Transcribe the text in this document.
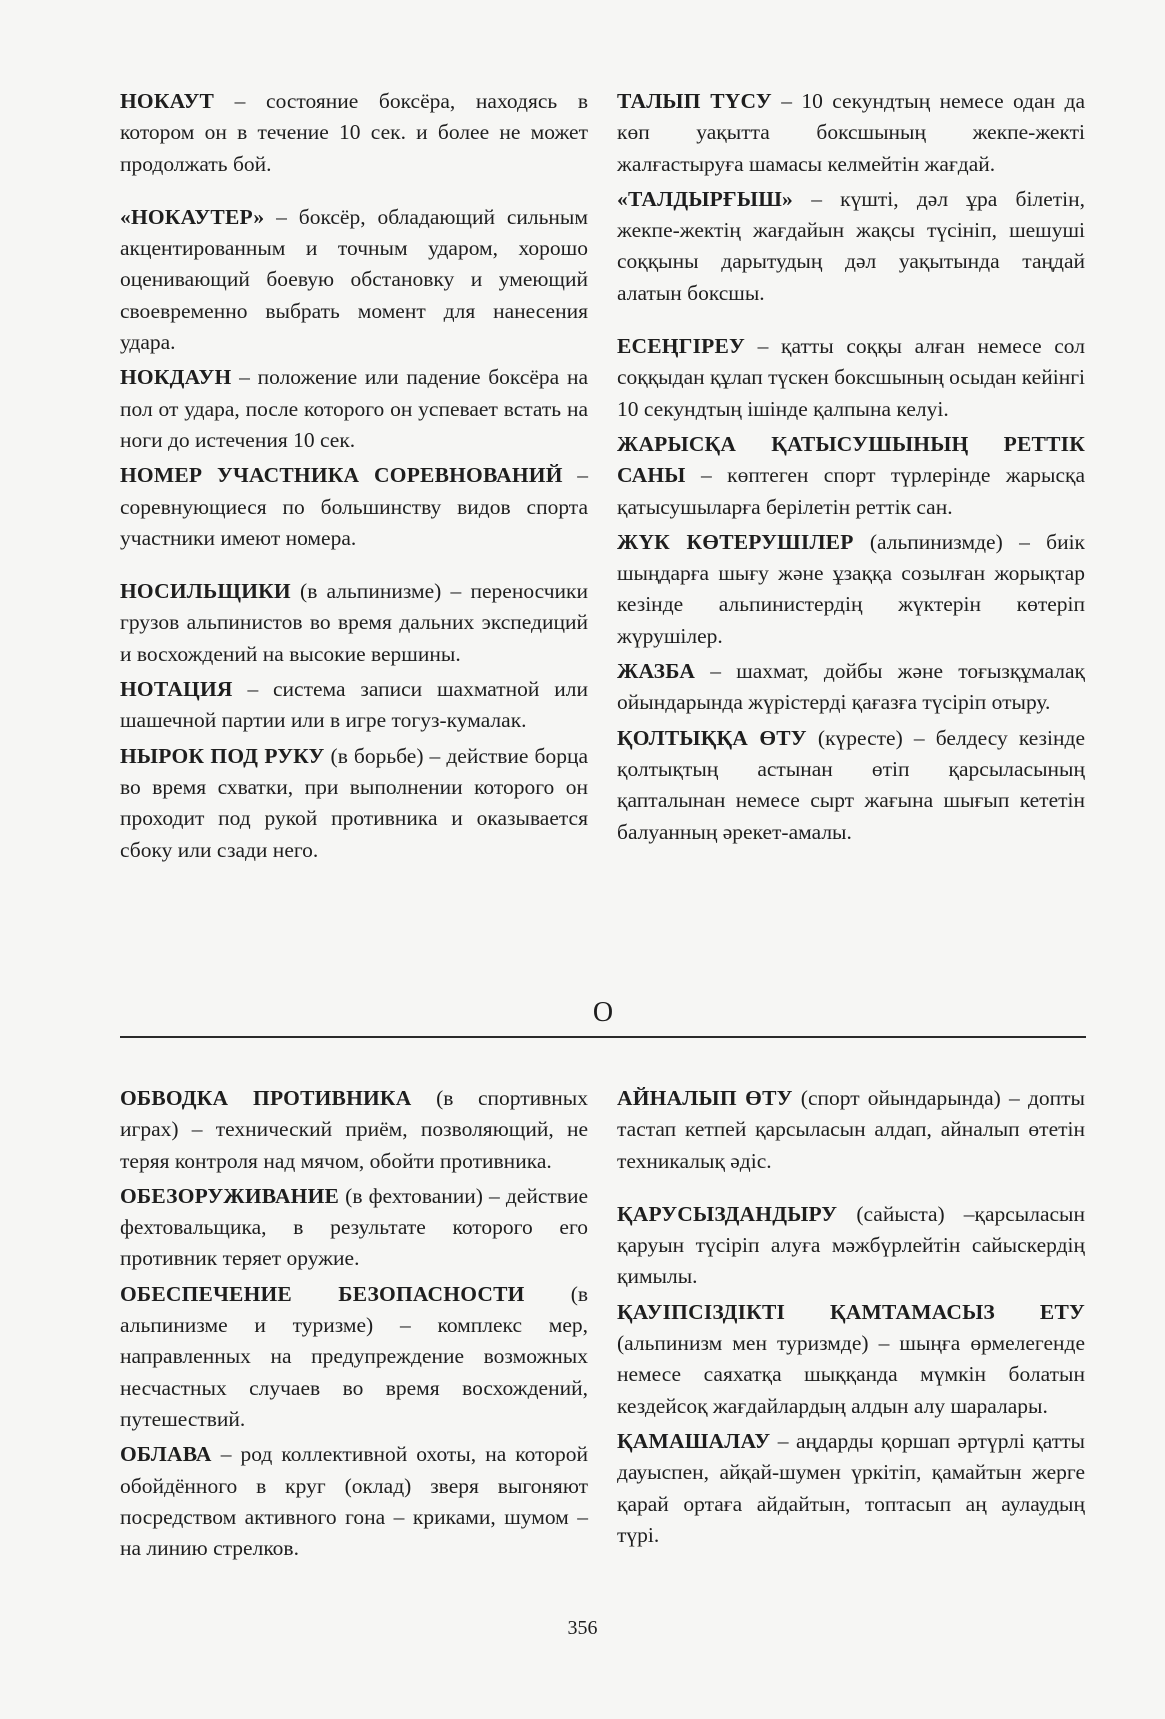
НОКАУТ – состояние боксёра, находясь в котором он в течение 10 сек. и более не может продолжать бой.

«НОКАУТЕР» – боксёр, обладающий сильным акцентированным и точным ударом, хорошо оценивающий боевую обстановку и умеющий своевременно выбрать момент для нанесения удара.

НОКДАУН – положение или падение боксёра на пол от удара, после которого он успевает встать на ноги до истечения 10 сек.

НОМЕР УЧАСТНИКА СОРЕВНОВАНИЙ – соревнующиеся по большинству видов спорта участники имеют номера.

НОСИЛЬЩИКИ (в альпинизме) – переносчики грузов альпинистов во время дальних экспедиций и восхождений на высокие вершины.

НОТАЦИЯ – система записи шахматной или шашечной партии или в игре тогуз-кумалак.

НЫРОК ПОД РУКУ (в борьбе) – действие борца во время схватки, при выполнении которого он проходит под рукой противника и оказывается сбоку или сзади него.

ТАЛЫП ТҮСУ – 10 секундтың немесе одан да көп уақытта боксшының жекпе-жекті жалғастыруға шамасы келмейтін жағдай.

«ТАЛДЫРҒЫШ» – күшті, дәл ұра білетін, жекпе-жектің жағдайын жақсы түсініп, шешуші соққыны дарытудың дәл уақытында таңдай алатын боксшы.

ЕСЕҢГІРЕУ – қатты соққы алған немесе сол соққыдан құлап түскен боксшының осыдан кейінгі 10 секундтың ішінде қалпына келуі.

ЖАРЫСҚА ҚАТЫСУШЫНЫҢ РЕТТІК САНЫ – көптеген спорт түрлерінде жарысқа қатысушыларға берілетін реттік сан.

ЖҮК КӨТЕРУШІЛЕР (альпинизмде) – биік шыңдарға шығу және ұзаққа созылған жорықтар кезінде альпинистердің жүктерін көтеріп жүрушілер.

ЖАЗБА – шахмат, дойбы және тоғызқұмалақ ойындарында жүрістерді қағазға түсіріп отыру.

ҚОЛТЫҚҚА ӨТУ (күресте) – белдесу кезінде қолтықтың астынан өтіп қарсыласының қапталынан немесе сырт жағына шығып кететін балуанның әрекет-амалы.

О

ОБВОДКА ПРОТИВНИКА (в спортивных играх) – технический приём, позволяющий, не теряя контроля над мячом, обойти противника.

ОБЕЗОРУЖИВАНИЕ (в фехтовании) – действие фехтовальщика, в результате которого его противник теряет оружие.

ОБЕСПЕЧЕНИЕ БЕЗОПАСНОСТИ (в альпинизме и туризме) – комплекс мер, направленных на предупреждение возможных несчастных случаев во время восхождений, путешествий.

ОБЛАВА – род коллективной охоты, на которой обойдённого в круг (оклад) зверя выгоняют посредством активного гона – криками, шумом – на линию стрелков.

АЙНАЛЫП ӨТУ (спорт ойындарында) – допты тастап кетпей қарсыласын алдап, айналып өтетін техникалық әдіс.

ҚАРУСЫЗДАНДЫРУ (сайыста) –қарсыласын қаруын түсіріп алуға мәжбүрлейтін сайыскердің қимылы.

ҚАУІПСІЗДІКТІ ҚАМТАМАСЫЗ ЕТУ (альпинизм мен туризмде) – шыңға өрмелегенде немесе саяхатқа шыққанда мүмкін болатын кездейсоқ жағдайлардың алдын алу шаралары.

ҚАМАШАЛАУ – аңдарды қоршап әртүрлі қатты дауыспен, айқай-шумен үркітіп, қамайтын жерге қарай ортаға айдайтын, топтасып аң аулаудың түрі.

356
